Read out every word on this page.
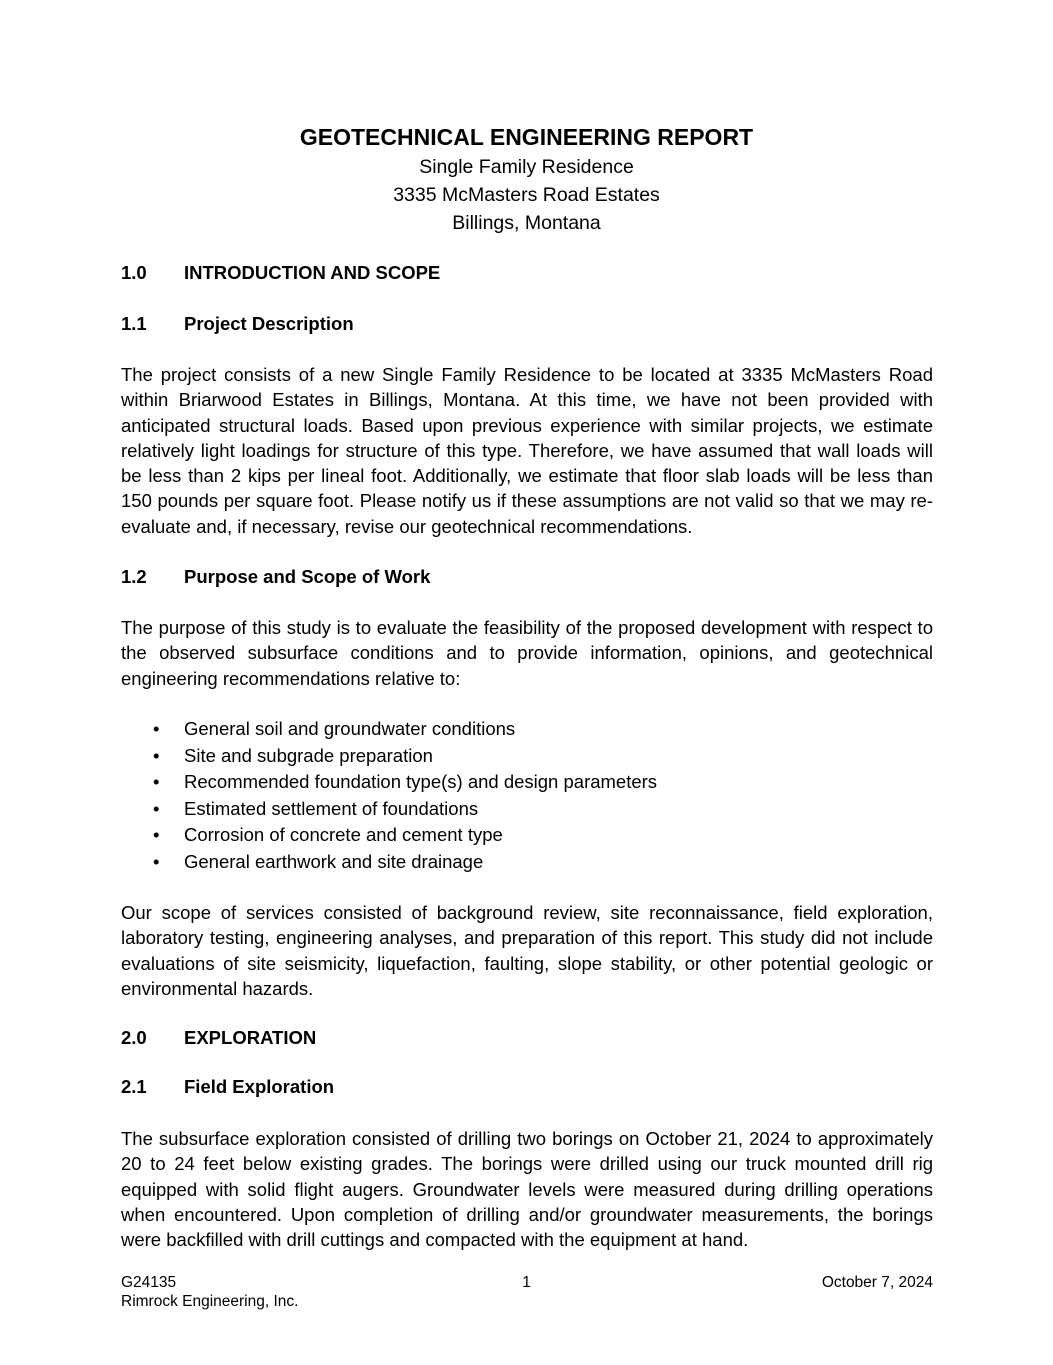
GEOTECHNICAL ENGINEERING REPORT
Single Family Residence
3335 McMasters Road Estates
Billings, Montana
1.0 INTRODUCTION AND SCOPE
1.1 Project Description

The project consists of a new Single Family Residence to be located at 3335 McMasters Road within Briarwood Estates in Billings, Montana. At this time, we have not been provided with anticipated structural loads. Based upon previous experience with similar projects, we estimate relatively light loadings for structure of this type. Therefore, we have assumed that wall loads will be less than 2 kips per lineal foot. Additionally, we estimate that floor slab loads will be less than 150 pounds per square foot. Please notify us if these assumptions are not valid so that we may re-evaluate and, if necessary, revise our geotechnical recommendations.

1.2 Purpose and Scope of Work

The purpose of this study is to evaluate the feasibility of the proposed development with respect to the observed subsurface conditions and to provide information, opinions, and geotechnical engineering recommendations relative to:

• General soil and groundwater conditions
• Site and subgrade preparation
• Recommended foundation type(s) and design parameters
• Estimated settlement of foundations
• Corrosion of concrete and cement type
• General earthwork and site drainage

Our scope of services consisted of background review, site reconnaissance, field exploration, laboratory testing, engineering analyses, and preparation of this report. This study did not include evaluations of site seismicity, liquefaction, faulting, slope stability, or other potential geologic or environmental hazards.

2.0 EXPLORATION
2.1 Field Exploration

The subsurface exploration consisted of drilling two borings on October 21, 2024 to approximately 20 to 24 feet below existing grades. The borings were drilled using our truck mounted drill rig equipped with solid flight augers. Groundwater levels were measured during drilling operations when encountered. Upon completion of drilling and/or groundwater measurements, the borings were backfilled with drill cuttings and compacted with the equipment at hand.

G24135
Rimrock Engineering, Inc.
1	October 7, 2024
